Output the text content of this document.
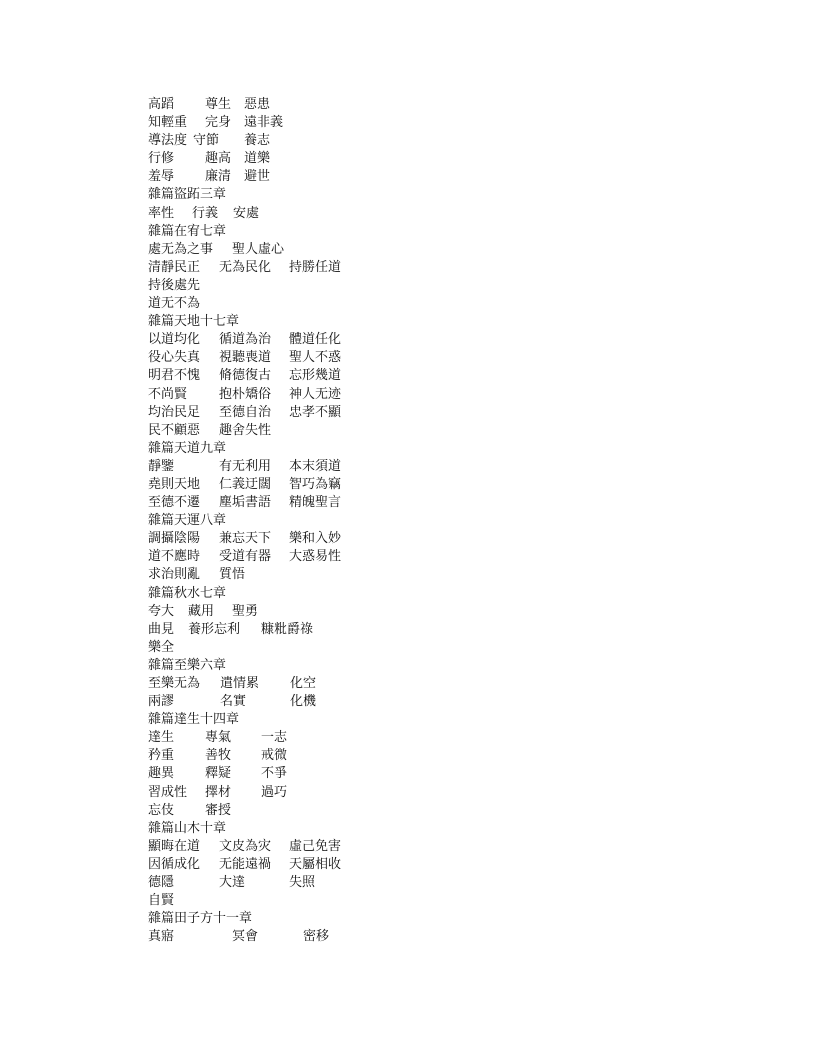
高蹈 尊生 惡患
知輕重 完身 遠非義
導法度 守節 養志
行修 趣高 道樂
羞辱 廉清 避世
雜篇盜跖三章
率性 行義 安處
雜篇在宥七章
處无為之事 聖人虛心
清靜民正 无為民化 持勝任道
持後處先
道无不為
雜篇天地十七章
以道均化 循道為治 體道任化
役心失真 視聽喪道 聖人不惑
明君不愧 脩德復古 忘形幾道
不尚賢 抱朴矯俗 神人无迹
均治民足 至德自治 忠孝不顯
民不顧惡 趣舍失性
雜篇天道九章
靜鑒	有无利用 本末須道
堯則天地 仁義迂闊 智巧為竊
至德不遷 塵垢書語 精魄聖言
雜篇天運八章
調攝陰陽 兼忘天下 樂和入妙
道不應時 受道有器 大惑易性
求治則亂 質悟
雜篇秋水七章
夸大 藏用 聖勇
曲見 養形忘利 糠粃爵祿
樂全
雜篇至樂六章
至樂无為 遣情累 化空
兩謬	名實	化機
雜篇達生十四章
達生 專氣 一志
矜重 善牧 戒微
趣異 釋疑 不爭
習成性 擇材 過巧
忘伎 審授
雜篇山木十章
顯晦在道 文皮為灾 虛己免害
因循成化 无能遠禍 天屬相收
德隱	大達	失照
自賢
雜篇田子方十一章
真寤	冥會	密移
